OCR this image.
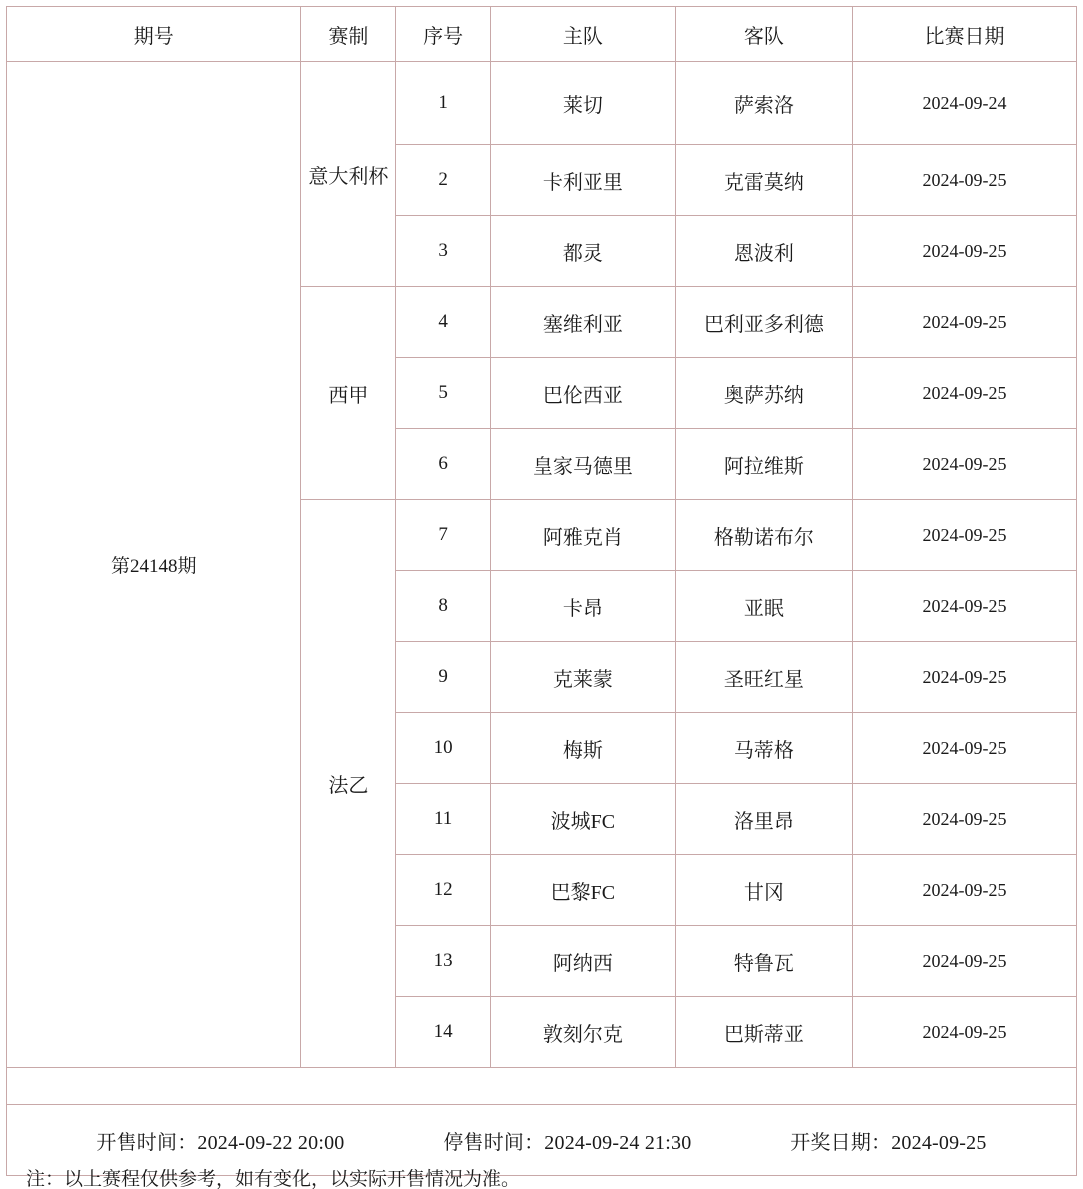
期号	赛制	序号	主队	客队	比赛日期
第24148期	意大利杯	1	莱切	萨索洛	2024-09-24
		2	卡利亚里	克雷莫纳	2024-09-25
		3	都灵	恩波利	2024-09-25
	西甲	4	塞维利亚	巴利亚多利德	2024-09-25
		5	巴伦西亚	奥萨苏纳	2024-09-25
		6	皇家马德里	阿拉维斯	2024-09-25
	法乙	7	阿雅克肖	格勒诺布尔	2024-09-25
		8	卡昂	亚眠	2024-09-25
		9	克莱蒙	圣旺红星	2024-09-25
		10	梅斯	马蒂格	2024-09-25
		11	波城FC	洛里昂	2024-09-25
		12	巴黎FC	甘冈	2024-09-25
		13	阿纳西	特鲁瓦	2024-09-25
		14	敦刻尔克	巴斯蒂亚	2024-09-25

开售时间：2024-09-22 20:00 停售时间：2024-09-24 21:30 开奖日期：2024-09-25					
注：以上赛程仅供参考，如有变化，以实际开售情况为准。
